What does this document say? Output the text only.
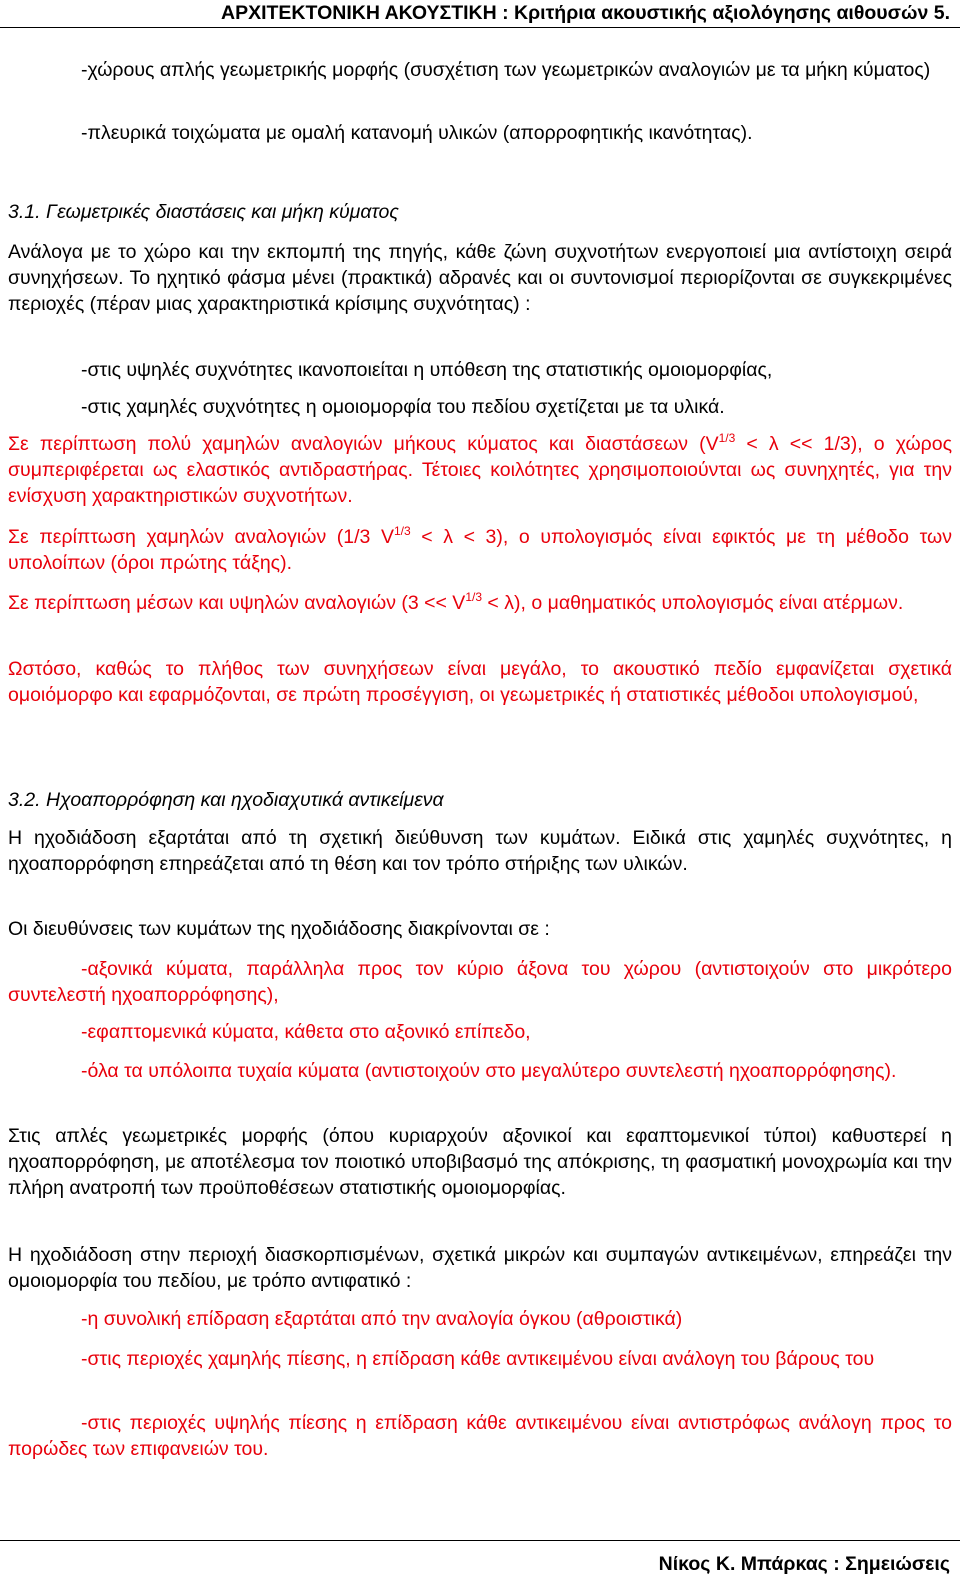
ΑΡΧΙΤΕΚΤΟΝΙΚΗ ΑΚΟΥΣΤΙΚΗ : Κριτήρια ακουστικής αξιολόγησης αιθουσών 5.

-χώρους απλής γεωμετρικής μορφής (συσχέτιση των γεωμετρικών αναλογιών με τα μήκη κύματος)

-πλευρικά τοιχώματα με ομαλή κατανομή υλικών (απορροφητικής ικανότητας).

3.1. Γεωμετρικές διαστάσεις και μήκη κύματος

Ανάλογα με το χώρο και την εκπομπή της πηγής, κάθε ζώνη συχνοτήτων ενεργοποιεί μια αντίστοιχη σειρά συνηχήσεων. Το ηχητικό φάσμα μένει (πρακτικά) αδρανές και οι συντονισμοί περιορίζονται σε συγκεκριμένες περιοχές (πέραν μιας χαρακτηριστικά κρίσιμης συχνότητας) :

-στις υψηλές συχνότητες ικανοποιείται η υπόθεση της στατιστικής ομοιομορφίας,

-στις χαμηλές συχνότητες η ομοιομορφία του πεδίου σχετίζεται με τα υλικά.

Σε περίπτωση πολύ χαμηλών αναλογιών μήκους κύματος και διαστάσεων $(V^{1/3} < \lambda << 1/3)$, ο χώρος συμπεριφέρεται ως ελαστικός αντιδραστήρας. Τέτοιες κοιλότητες χρησιμοποιούνται ως συνηχητές, για την ενίσχυση χαρακτηριστικών συχνοτήτων.

Σε περίπτωση χαμηλών αναλογιών (1/3 $V^{1/3} < \lambda < 3$), ο υπολογισμός είναι εφικτός με τη μέθοδο των υπολοίπων (όροι πρώτης τάξης).

Σε περίπτωση μέσων και υψηλών αναλογιών $(3 << V^{1/3} < \lambda)$, ο μαθηματικός υπολογισμός είναι ατέρμων.

Ωστόσο, καθώς το πλήθος των συνηχήσεων είναι μεγάλο, το ακουστικό πεδίο εμφανίζεται σχετικά ομοιόμορφο και εφαρμόζονται, σε πρώτη προσέγγιση, οι γεωμετρικές ή στατιστικές μέθοδοι υπολογισμού,

3.2. Ηχοαπορρόφηση και ηχοδιαχυτικά αντικείμενα

Η ηχοδιάδοση εξαρτάται από τη σχετική διεύθυνση των κυμάτων. Ειδικά στις χαμηλές συχνότητες, η ηχοαπορρόφηση επηρεάζεται από τη θέση και τον τρόπο στήριξης των υλικών.

Οι διευθύνσεις των κυμάτων της ηχοδιάδοσης διακρίνονται σε :

-αξονικά κύματα, παράλληλα προς τον κύριο άξονα του χώρου (αντιστοιχούν στο μικρότερο συντελεστή ηχοαπορρόφησης),

-εφαπτομενικά κύματα, κάθετα στο αξονικό επίπεδο,

-όλα τα υπόλοιπα τυχαία κύματα (αντιστοιχούν στο μεγαλύτερο συντελεστή ηχοαπορρόφησης).

Στις απλές γεωμετρικές μορφής (όπου κυριαρχούν αξονικοί και εφαπτομενικοί τύποι) καθυστερεί η ηχοαπορρόφηση, με αποτέλεσμα τον ποιοτικό υποβιβασμό της απόκρισης, τη φασματική μονοχρωμία και την πλήρη ανατροπή των προϋποθέσεων στατιστικής ομοιομορφίας.

Η ηχοδιάδοση στην περιοχή διασκορπισμένων, σχετικά μικρών και συμπαγών αντικειμένων, επηρεάζει την ομοιομορφία του πεδίου, με τρόπο αντιφατικό :

-η συνολική επίδραση εξαρτάται από την αναλογία όγκου (αθροιστικά)

-στις περιοχές χαμηλής πίεσης, η επίδραση κάθε αντικειμένου είναι ανάλογη του βάρους του

-στις περιοχές υψηλής πίεσης η επίδραση κάθε αντικειμένου είναι αντιστρόφως ανάλογη προς το πορώδες των επιφανειών του.

Νίκος Κ. Μπάρκας : Σημειώσεις
